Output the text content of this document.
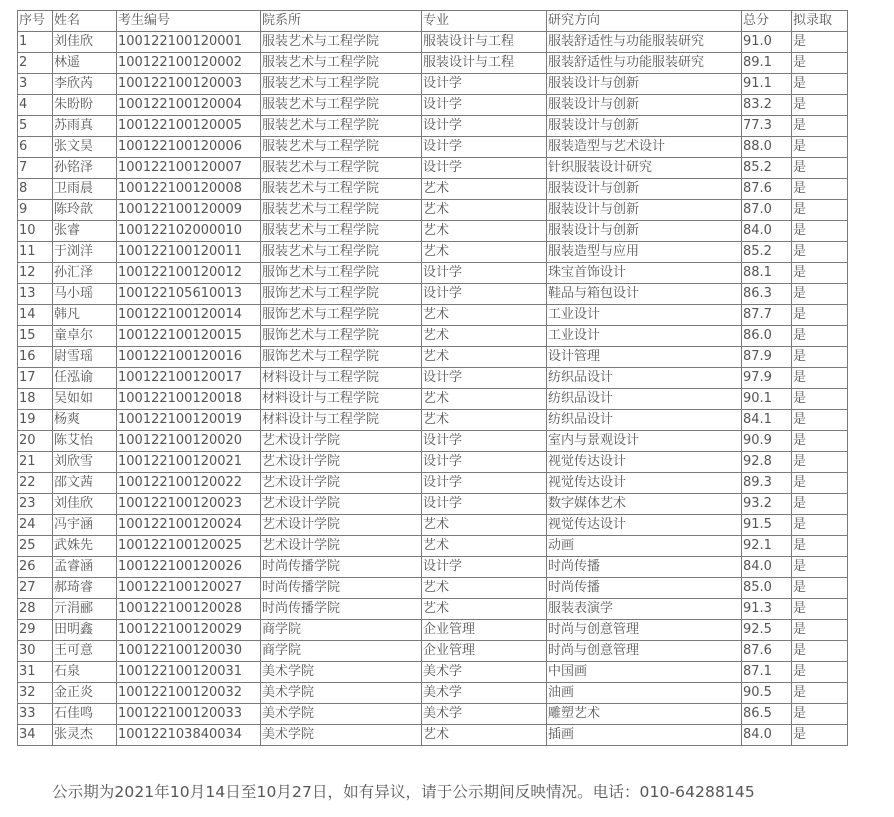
序号	姓名	考生编号	院系所	专业	研究方向	总分	拟录取
1	刘佳欣	100122100120001	服装艺术与工程学院	服装设计与工程	服装舒适性与功能服装研究	91.0	是
2	林遥	100122100120002	服装艺术与工程学院	服装设计与工程	服装舒适性与功能服装研究	89.1	是
3	李欣芮	100122100120003	服装艺术与工程学院	设计学	服装设计与创新	91.1	是
4	朱盼盼	100122100120004	服装艺术与工程学院	设计学	服装设计与创新	83.2	是
5	苏雨真	100122100120005	服装艺术与工程学院	设计学	服装设计与创新	77.3	是
6	张文昊	100122100120006	服装艺术与工程学院	设计学	服装造型与艺术设计	88.0	是
7	孙铭泽	100122100120007	服装艺术与工程学院	设计学	针织服装设计研究	85.2	是
8	卫雨晨	100122100120008	服装艺术与工程学院	艺术	服装设计与创新	87.6	是
9	陈玲歆	100122100120009	服装艺术与工程学院	艺术	服装设计与创新	87.0	是
10	张睿	100122102000010	服装艺术与工程学院	艺术	服装设计与创新	84.0	是
11	于浏洋	100122100120011	服装艺术与工程学院	艺术	服装造型与应用	85.2	是
12	孙汇泽	100122100120012	服饰艺术与工程学院	设计学	珠宝首饰设计	88.1	是
13	马小瑶	100122105610013	服饰艺术与工程学院	设计学	鞋品与箱包设计	86.3	是
14	韩凡	100122100120014	服饰艺术与工程学院	艺术	工业设计	87.7	是
15	童卓尔	100122100120015	服饰艺术与工程学院	艺术	工业设计	86.0	是
16	尉雪瑶	100122100120016	服饰艺术与工程学院	艺术	设计管理	87.9	是
17	任泓谕	100122100120017	材料设计与工程学院	设计学	纺织品设计	97.9	是
18	吴如如	100122100120018	材料设计与工程学院	艺术	纺织品设计	90.1	是
19	杨爽	100122100120019	材料设计与工程学院	艺术	纺织品设计	84.1	是
20	陈艾怡	100122100120020	艺术设计学院	设计学	室内与景观设计	90.9	是
21	刘欣雪	100122100120021	艺术设计学院	设计学	视觉传达设计	92.8	是
22	邵文茜	100122100120022	艺术设计学院	设计学	视觉传达设计	89.3	是
23	刘佳欣	100122100120023	艺术设计学院	设计学	数字媒体艺术	93.2	是
24	冯宇涵	100122100120024	艺术设计学院	艺术	视觉传达设计	91.5	是
25	武姝先	100122100120025	艺术设计学院	艺术	动画	92.1	是
26	孟睿涵	100122100120026	时尚传播学院	设计学	时尚传播	84.0	是
27	郝琦睿	100122100120027	时尚传播学院	艺术	时尚传播	85.0	是
28	亓涓郦	100122100120028	时尚传播学院	艺术	服装表演学	91.3	是
29	田明鑫	100122100120029	商学院	企业管理	时尚与创意管理	92.5	是
30	王可意	100122100120030	商学院	企业管理	时尚与创意管理	87.6	是
31	石泉	100122100120031	美术学院	美术学	中国画	87.1	是
32	金正炎	100122100120032	美术学院	美术学	油画	90.5	是
33	石佳鸣	100122100120033	美术学院	美术学	雕塑艺术	86.5	是
34	张灵杰	100122103840034	美术学院	艺术	插画	84.0	是
公示期为2021年10月14日至10月27日，如有异议，请于公示期间反映情况。电话：010-64288145
